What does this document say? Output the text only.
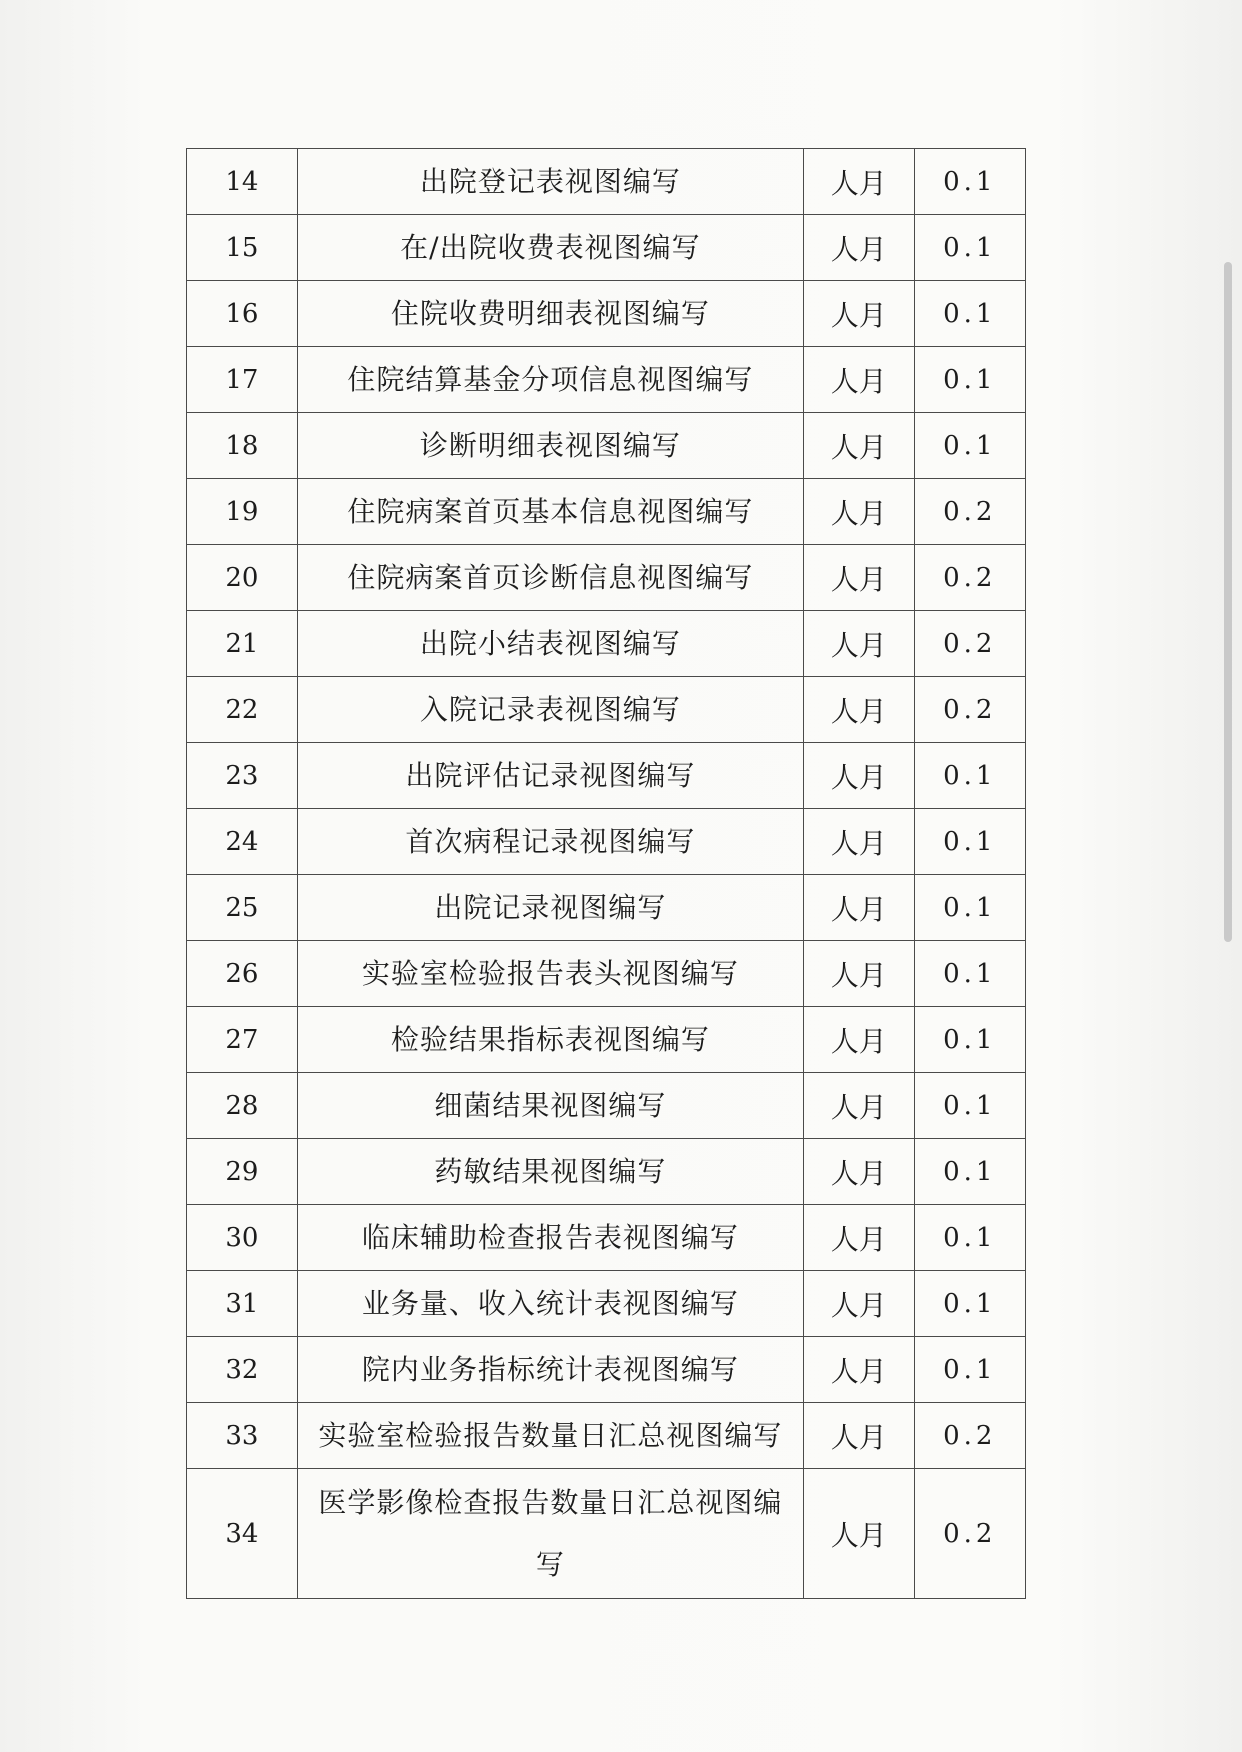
14	出院登记表视图编写	人月	0.1
15	在/出院收费表视图编写	人月	0.1
16	住院收费明细表视图编写	人月	0.1
17	住院结算基金分项信息视图编写	人月	0.1
18	诊断明细表视图编写	人月	0.1
19	住院病案首页基本信息视图编写	人月	0.2
20	住院病案首页诊断信息视图编写	人月	0.2
21	出院小结表视图编写	人月	0.2
22	入院记录表视图编写	人月	0.2
23	出院评估记录视图编写	人月	0.1
24	首次病程记录视图编写	人月	0.1
25	出院记录视图编写	人月	0.1
26	实验室检验报告表头视图编写	人月	0.1
27	检验结果指标表视图编写	人月	0.1
28	细菌结果视图编写	人月	0.1
29	药敏结果视图编写	人月	0.1
30	临床辅助检查报告表视图编写	人月	0.1
31	业务量、收入统计表视图编写	人月	0.1
32	院内业务指标统计表视图编写	人月	0.1
33	实验室检验报告数量日汇总视图编写	人月	0.2
34	医学影像检查报告数量日汇总视图编写	人月	0.2
